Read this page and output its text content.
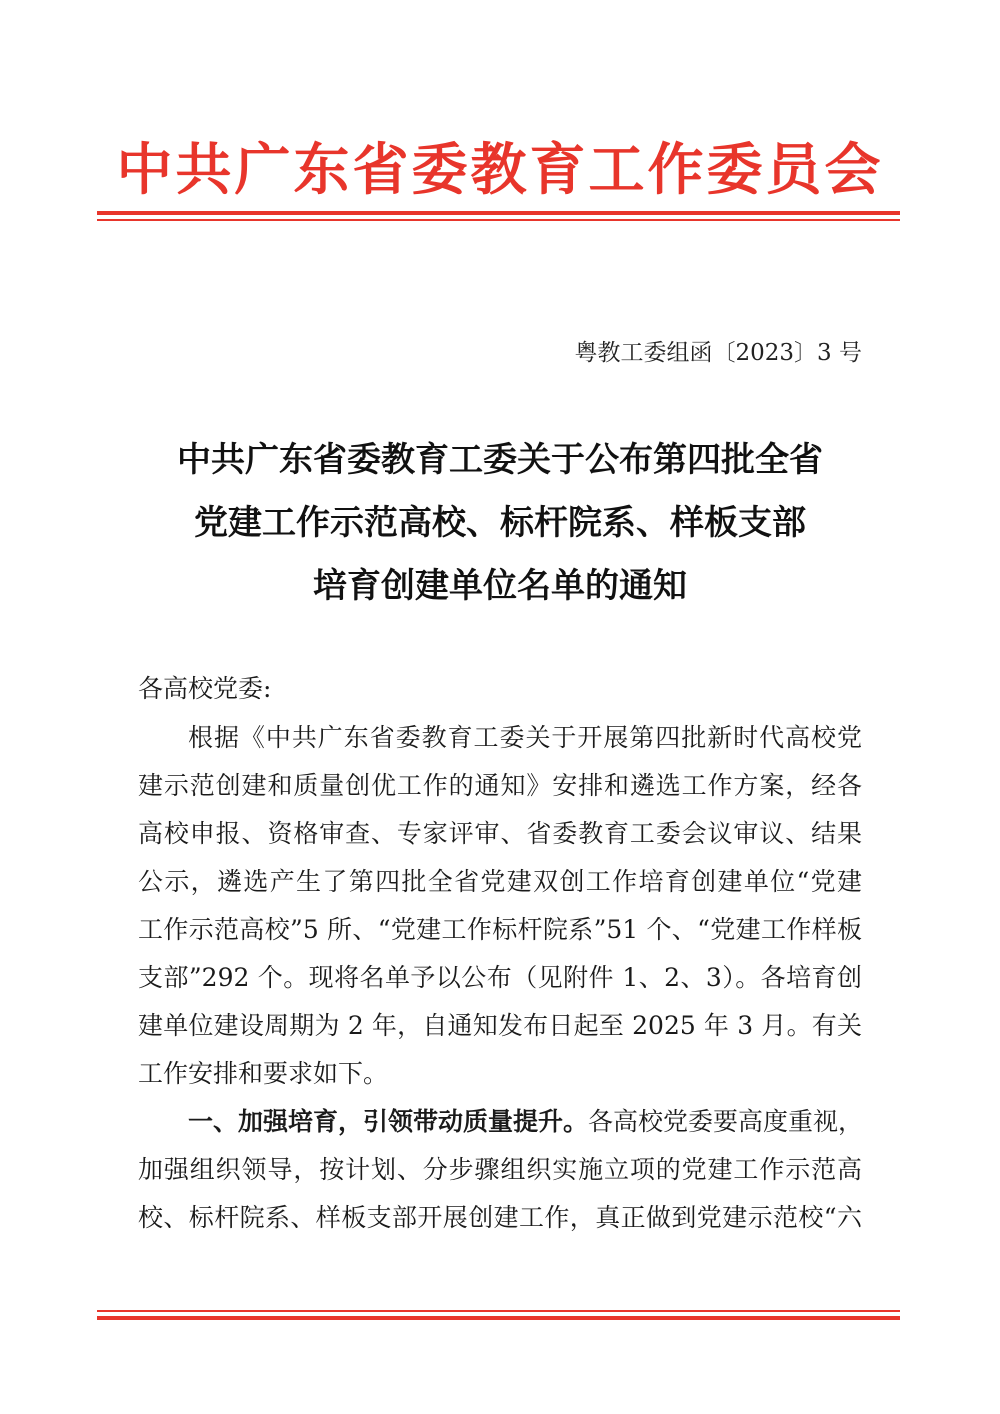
中共广东省委教育工作委员会
粤教工委组函〔2023〕3 号
中共广东省委教育工委关于公布第四批全省
党建工作示范高校、标杆院系、样板支部
培育创建单位名单的通知
各高校党委:
根据《中共广东省委教育工委关于开展第四批新时代高校党
建示范创建和质量创优工作的通知》安排和遴选工作方案，经各
高校申报、资格审查、专家评审、省委教育工委会议审议、结果
公示，遴选产生了第四批全省党建双创工作培育创建单位“党建
工作示范高校”5 所、“党建工作标杆院系”51 个、“党建工作样板
支部”292 个。现将名单予以公布（见附件 1、2、3）。各培育创
建单位建设周期为 2 年，自通知发布日起至 2025 年 3 月。有关
工作安排和要求如下。
一、加强培育，引领带动质量提升。各高校党委要高度重视，
加强组织领导，按计划、分步骤组织实施立项的党建工作示范高
校、标杆院系、样板支部开展创建工作，真正做到党建示范校“六
